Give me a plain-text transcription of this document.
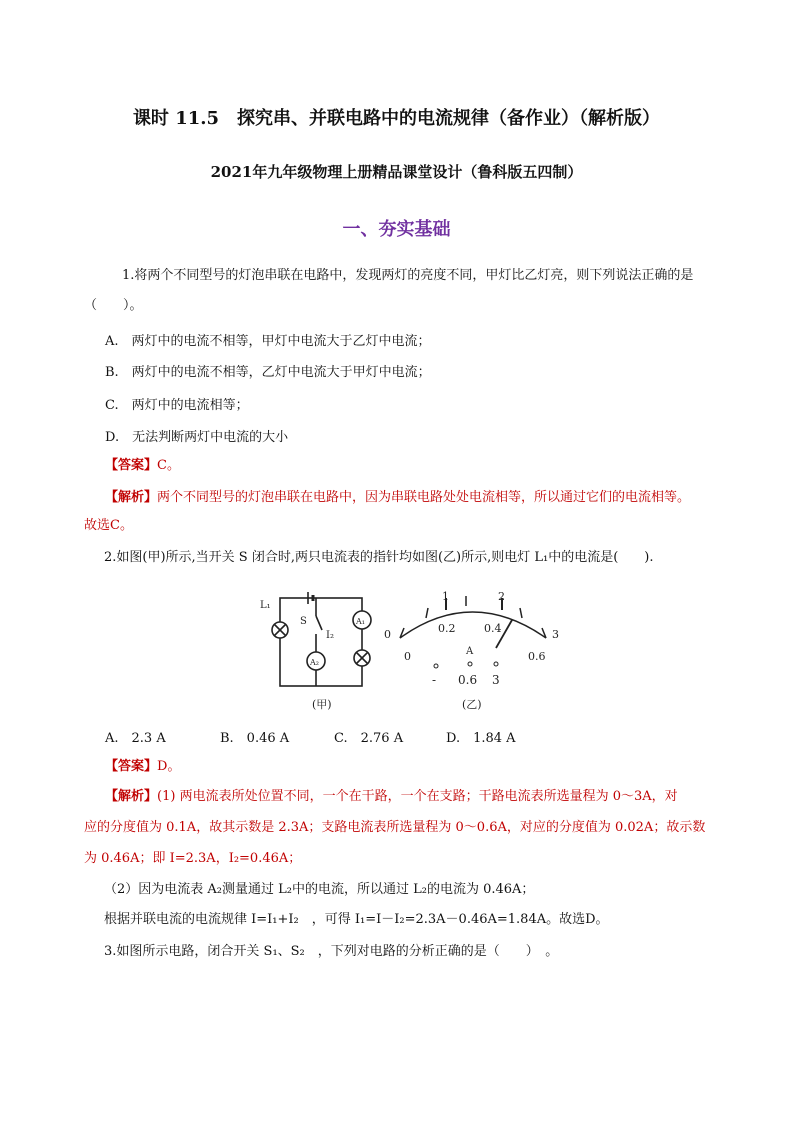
课时 11.5　探究串、并联电路中的电流规律（备作业）（解析版）
2021年九年级物理上册精品课堂设计（鲁科版五四制）
一、夯实基础
1.将两个不同型号的灯泡串联在电路中，发现两灯的亮度不同，甲灯比乙灯亮，则下列说法正确的是
（　　）。
A.　两灯中的电流不相等，甲灯中电流大于乙灯中电流；
B.　两灯中的电流不相等，乙灯中电流大于甲灯中电流；
C.　两灯中的电流相等；
D.　无法判断两灯中电流的大小
【答案】C。
【解析】两个不同型号的灯泡串联在电路中，因为串联电路处处电流相等，所以通过它们的电流相等。
故选C。
2.如图(甲)所示,当开关 S 闭合时,两只电流表的指针均如图(乙)所示,则电灯 L₁中的电流是(　　).
L₁
S
I₂
A₂
A₁
(甲)
0
1	2
3
0
0.2	0.4
0.6
A
- 0.6 3
(乙)
A.　2.3 A	B.　0.46 A	C.　2.76 A	D.　1.84 A
【答案】D。
【解析】(1) 两电流表所处位置不同，一个在干路，一个在支路；干路电流表所选量程为 0～3A，对
应的分度值为 0.1A，故其示数是 2.3A；支路电流表所选量程为 0～0.6A，对应的分度值为 0.02A；故示数
为 0.46A；即 I=2.3A，I₂=0.46A；
（2）因为电流表 A₂测量通过 L₂中的电流，所以通过 L₂的电流为 0.46A；
根据并联电流的电流规律 I=I₁+I₂　，可得 I₁=I－I₂=2.3A－0.46A=1.84A。故选D。
3.如图所示电路，闭合开关 S₁、S₂　，下列对电路的分析正确的是（　　）　。
